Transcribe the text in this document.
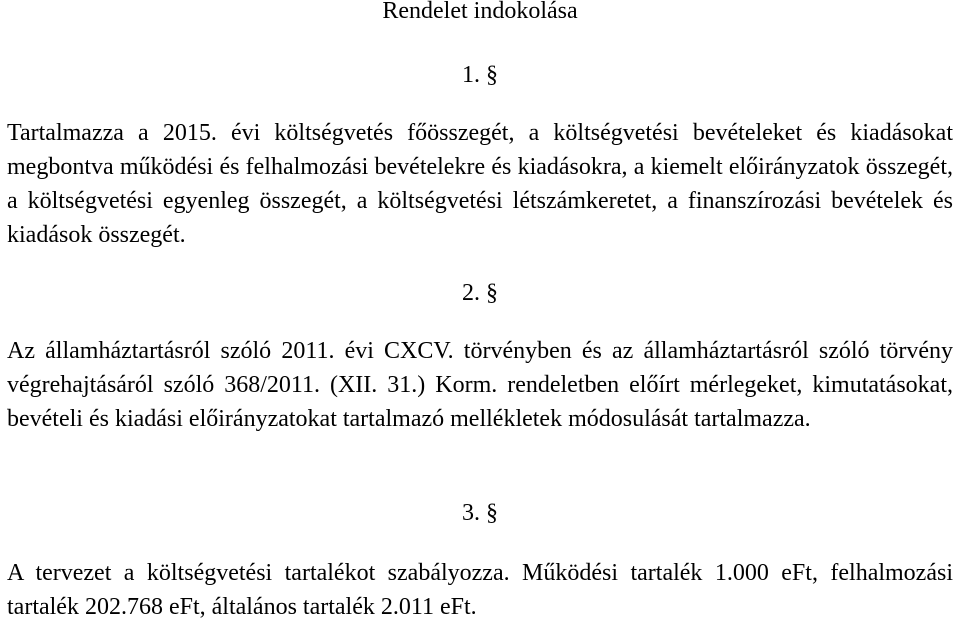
Rendelet indokolása
1. §

Tartalmazza a 2015. évi költségvetés főösszegét, a költségvetési bevételeket és kiadásokat megbontva működési és felhalmozási bevételekre és kiadásokra, a kiemelt előirányzatok összegét, a költségvetési egyenleg összegét, a költségvetési létszámkeretet, a finanszírozási bevételek és kiadások összegét.

2. §

Az államháztartásról szóló 2011. évi CXCV. törvényben és az államháztartásról szóló törvény végrehajtásáról szóló 368/2011. (XII. 31.) Korm. rendeletben előírt mérlegeket, kimutatásokat, bevételi és kiadási előirányzatokat tartalmazó mellékletek módosulását tartalmazza.

3. §

A tervezet a költségvetési tartalékot szabályozza. Működési tartalék 1.000 eFt, felhalmozási tartalék 202.768 eFt, általános tartalék 2.011 eFt.
